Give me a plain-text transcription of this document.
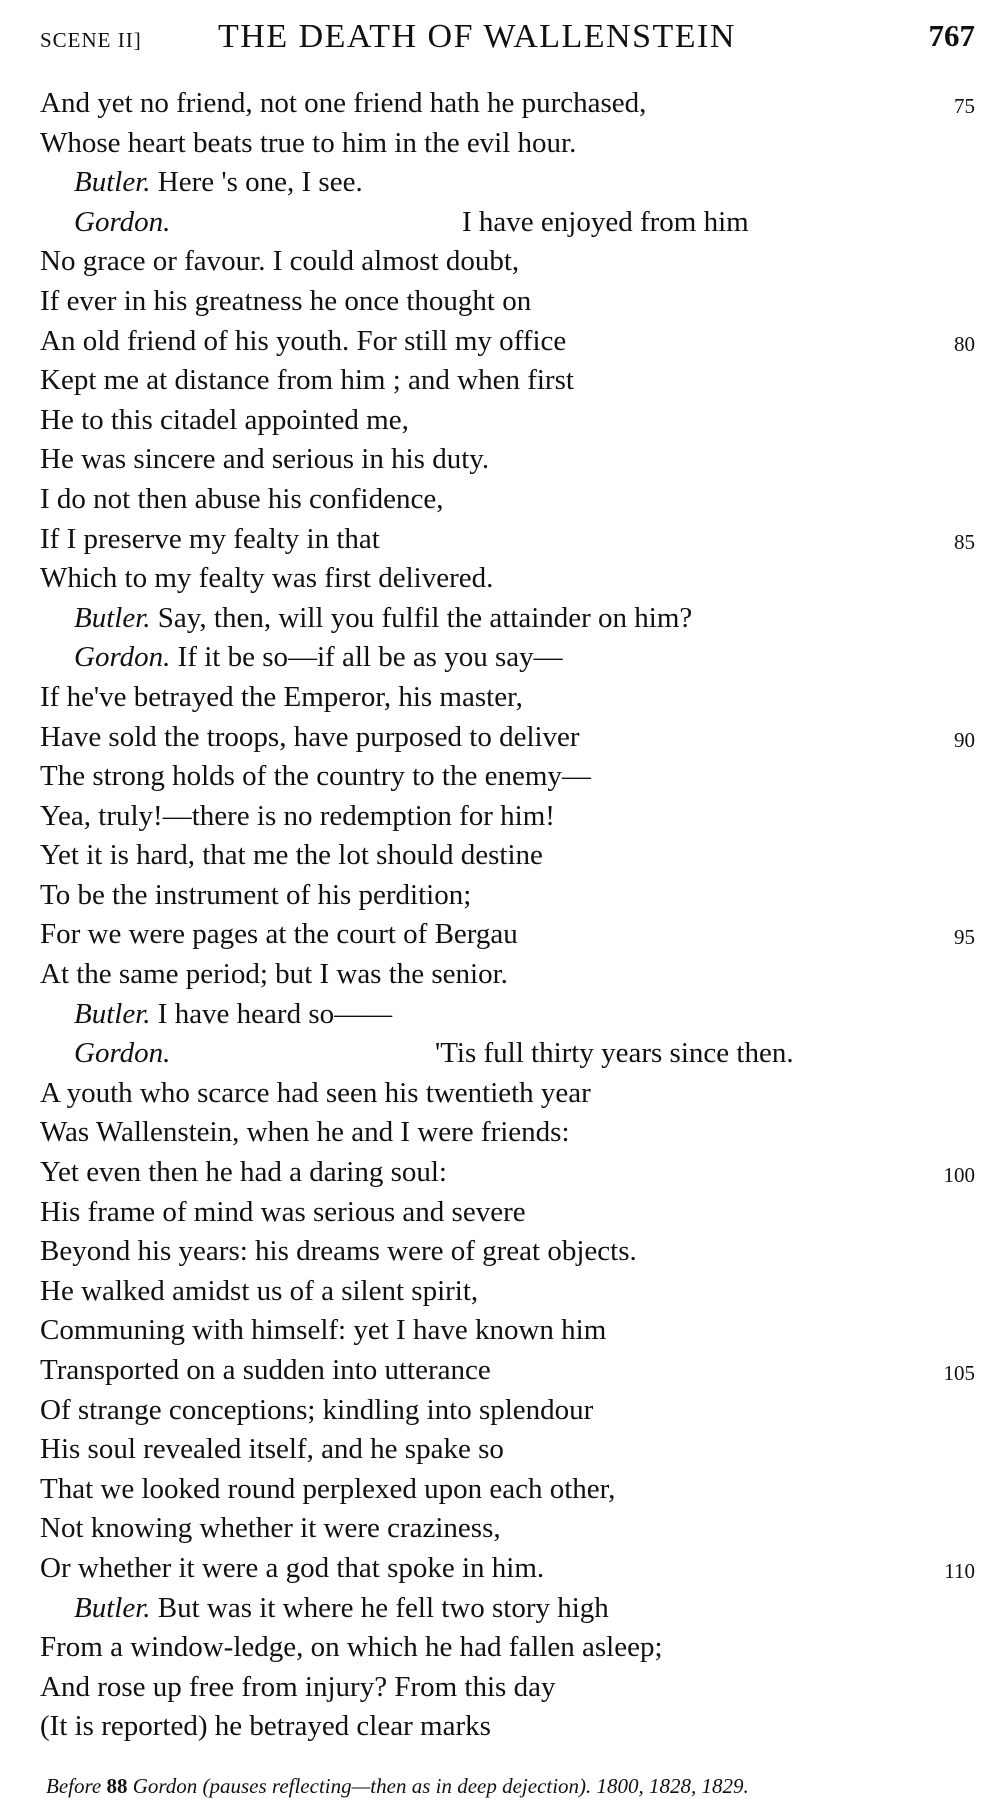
SCENE II] THE DEATH OF WALLENSTEIN	767
And yet no friend, not one friend hath he purchased,	75
Whose heart beats true to him in the evil hour.
Butler. Here 's one, I see.
Gordon.	I have enjoyed from him
No grace or favour. I could almost doubt,
If ever in his greatness he once thought on
An old friend of his youth. For still my office	80
Kept me at distance from him ; and when first
He to this citadel appointed me,
He was sincere and serious in his duty.
I do not then abuse his confidence,
If I preserve my fealty in that	85
Which to my fealty was first delivered.
Butler. Say, then, will you fulfil the attainder on him?
Gordon. If it be so—if all be as you say—
If he've betrayed the Emperor, his master,
Have sold the troops, have purposed to deliver	90
The strong holds of the country to the enemy—
Yea, truly!—there is no redemption for him!
Yet it is hard, that me the lot should destine
To be the instrument of his perdition;
For we were pages at the court of Bergau	95
At the same period; but I was the senior.
Butler. I have heard so——
Gordon.	'Tis full thirty years since then.
A youth who scarce had seen his twentieth year
Was Wallenstein, when he and I were friends:
Yet even then he had a daring soul:	100
His frame of mind was serious and severe
Beyond his years: his dreams were of great objects.
He walked amidst us of a silent spirit,
Communing with himself: yet I have known him
Transported on a sudden into utterance	105
Of strange conceptions; kindling into splendour
His soul revealed itself, and he spake so
That we looked round perplexed upon each other,
Not knowing whether it were craziness,
Or whether it were a god that spoke in him.	110
Butler. But was it where he fell two story high
From a window-ledge, on which he had fallen asleep;
And rose up free from injury? From this day
(It is reported) he betrayed clear marks
Before 88 Gordon (pauses reflecting—then as in deep dejection). 1800, 1828, 1829.
